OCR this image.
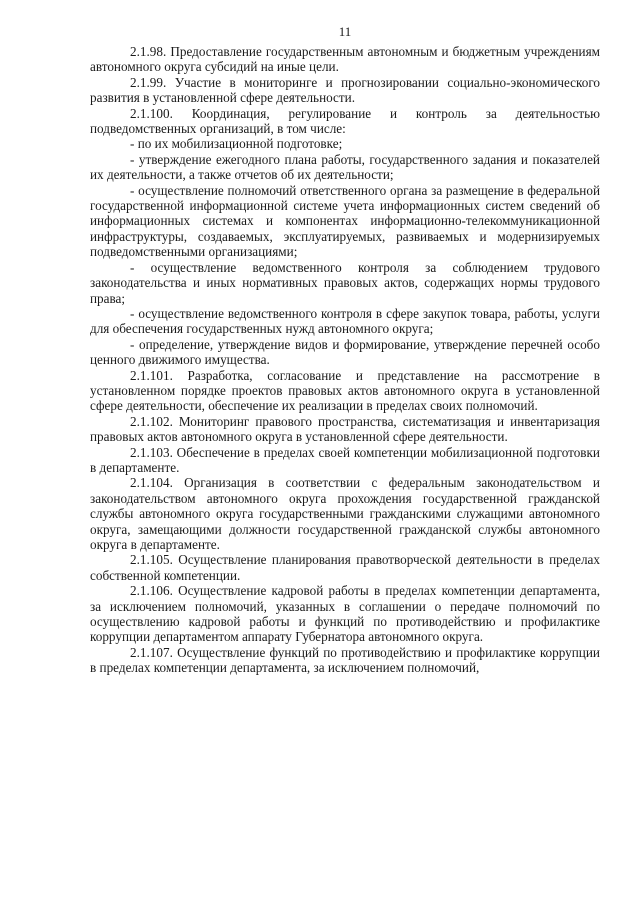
11

2.1.98. Предоставление государственным автономным и бюджетным учреждениям автономного округа субсидий на иные цели.

2.1.99. Участие в мониторинге и прогнозировании социально-экономического развития в установленной сфере деятельности.

2.1.100. Координация, регулирование и контроль за деятельностью подведомственных организаций, в том числе:

- по их мобилизационной подготовке;

- утверждение ежегодного плана работы, государственного задания и показателей их деятельности, а также отчетов об их деятельности;

- осуществление полномочий ответственного органа за размещение в федеральной государственной информационной системе учета информационных систем сведений об информационных системах и компонентах информационно-телекоммуникационной инфраструктуры, создаваемых, эксплуатируемых, развиваемых и модернизируемых подведомственными организациями;

- осуществление ведомственного контроля за соблюдением трудового законодательства и иных нормативных правовых актов, содержащих нормы трудового права;

- осуществление ведомственного контроля в сфере закупок товара, работы, услуги для обеспечения государственных нужд автономного округа;

- определение, утверждение видов и формирование, утверждение перечней особо ценного движимого имущества.

2.1.101. Разработка, согласование и представление на рассмотрение в установленном порядке проектов правовых актов автономного округа в установленной сфере деятельности, обеспечение их реализации в пределах своих полномочий.

2.1.102. Мониторинг правового пространства, систематизация и инвентаризация правовых актов автономного округа в установленной сфере деятельности.

2.1.103. Обеспечение в пределах своей компетенции мобилизационной подготовки в департаменте.

2.1.104. Организация в соответствии с федеральным законодательством и законодательством автономного округа прохождения государственной гражданской службы автономного округа государственными гражданскими служащими автономного округа, замещающими должности государственной гражданской службы автономного округа в департаменте.

2.1.105. Осуществление планирования правотворческой деятельности в пределах собственной компетенции.

2.1.106. Осуществление кадровой работы в пределах компетенции департамента, за исключением полномочий, указанных в соглашении о передаче полномочий по осуществлению кадровой работы и функций по противодействию и профилактике коррупции департаментом аппарату Губернатора автономного округа.

2.1.107. Осуществление функций по противодействию и профилактике коррупции в пределах компетенции департамента, за исключением полномочий,
